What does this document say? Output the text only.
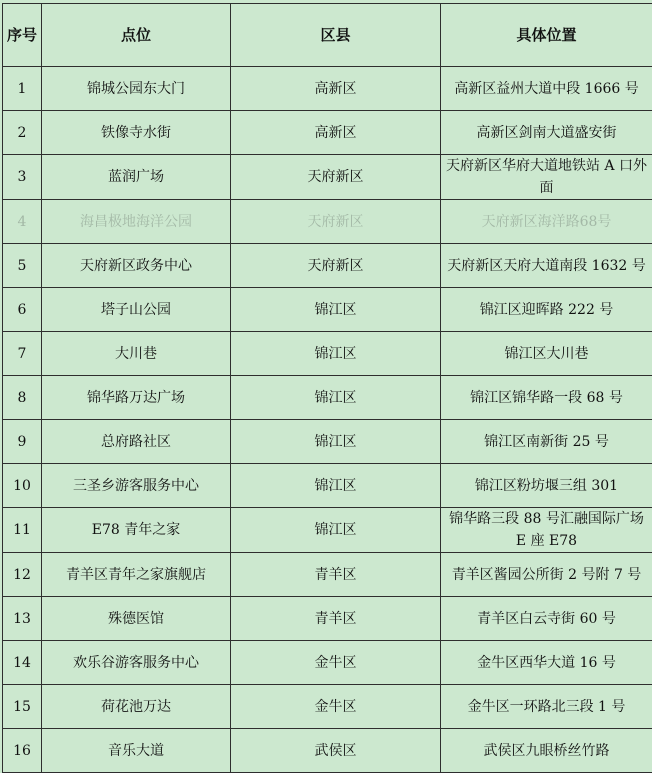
序号	点位	区县	具体位置
1	锦城公园东大门	高新区	高新区益州大道中段 1666 号
2	铁像寺水街	高新区	高新区剑南大道盛安街
3	蓝润广场	天府新区	天府新区华府大道地铁站 A 口外面
4	海昌极地海洋公园	天府新区	天府新区海洋路68号
5	天府新区政务中心	天府新区	天府新区天府大道南段 1632 号
6	塔子山公园	锦江区	锦江区迎晖路 222 号
7	大川巷	锦江区	锦江区大川巷
8	锦华路万达广场	锦江区	锦江区锦华路一段 68 号
9	总府路社区	锦江区	锦江区南新街 25 号
10	三圣乡游客服务中心	锦江区	锦江区粉坊堰三组 301
11	E78 青年之家	锦江区	锦华路三段 88 号汇融国际广场 E 座 E78
12	青羊区青年之家旗舰店	青羊区	青羊区酱园公所街 2 号附 7 号
13	殊德医馆	青羊区	青羊区白云寺街 60 号
14	欢乐谷游客服务中心	金牛区	金牛区西华大道 16 号
15	荷花池万达	金牛区	金牛区一环路北三段 1 号
16	音乐大道	武侯区	武侯区九眼桥丝竹路
